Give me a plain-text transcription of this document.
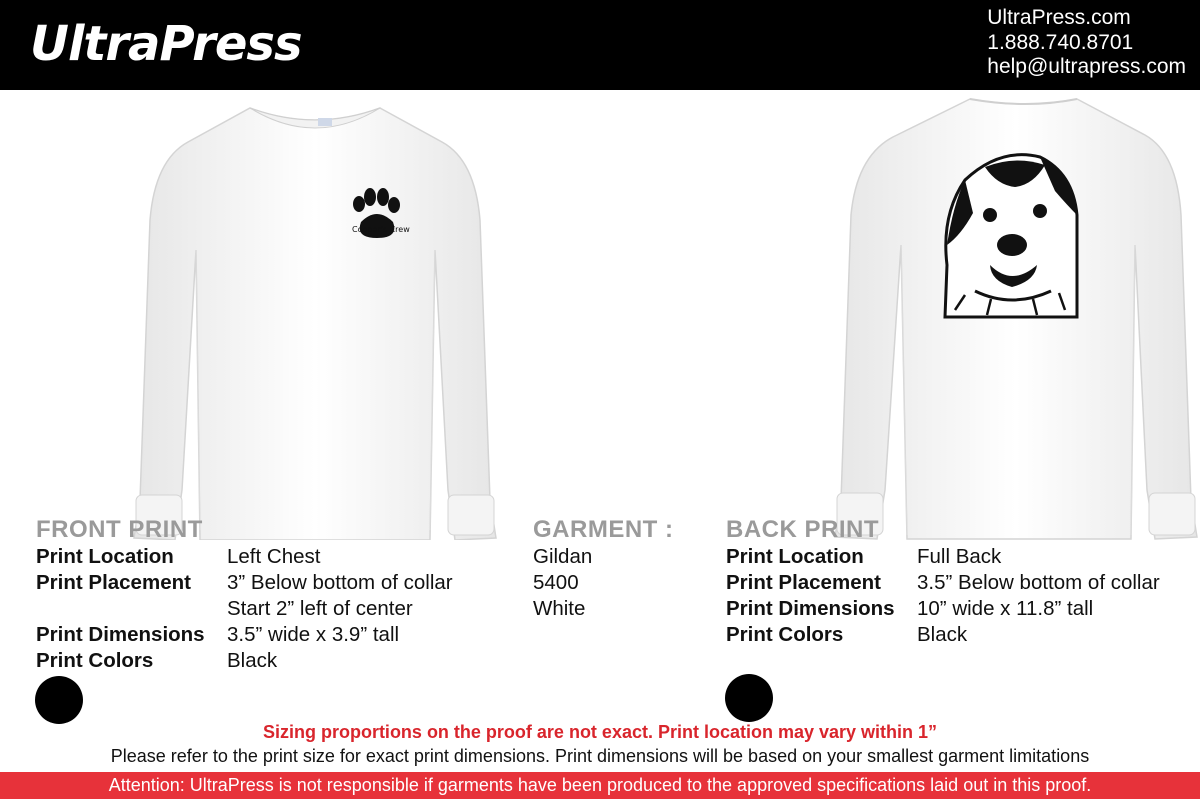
UltraPress	UltraPress.com
1.888.740.8701
help@ultrapress.com
Cooper's Crew
FRONT PRINT
Print Location	Left Chest
Print Placement	3” Below bottom of collar
Start 2” left of center
Print Dimensions	3.5” wide x 3.9” tall
Print Colors	Black
GARMENT :
Gildan
5400
White
BACK PRINT
Print Location	Full Back
Print Placement	3.5” Below bottom of collar
Print Dimensions	10” wide x 11.8” tall
Print Colors	Black
Sizing proportions on the proof are not exact. Print location may vary within 1”
Please refer to the print size for exact print dimensions. Print dimensions will be based on your smallest garment limitations
Attention: UltraPress is not responsible if garments have been produced to the approved specifications laid out in this proof.
